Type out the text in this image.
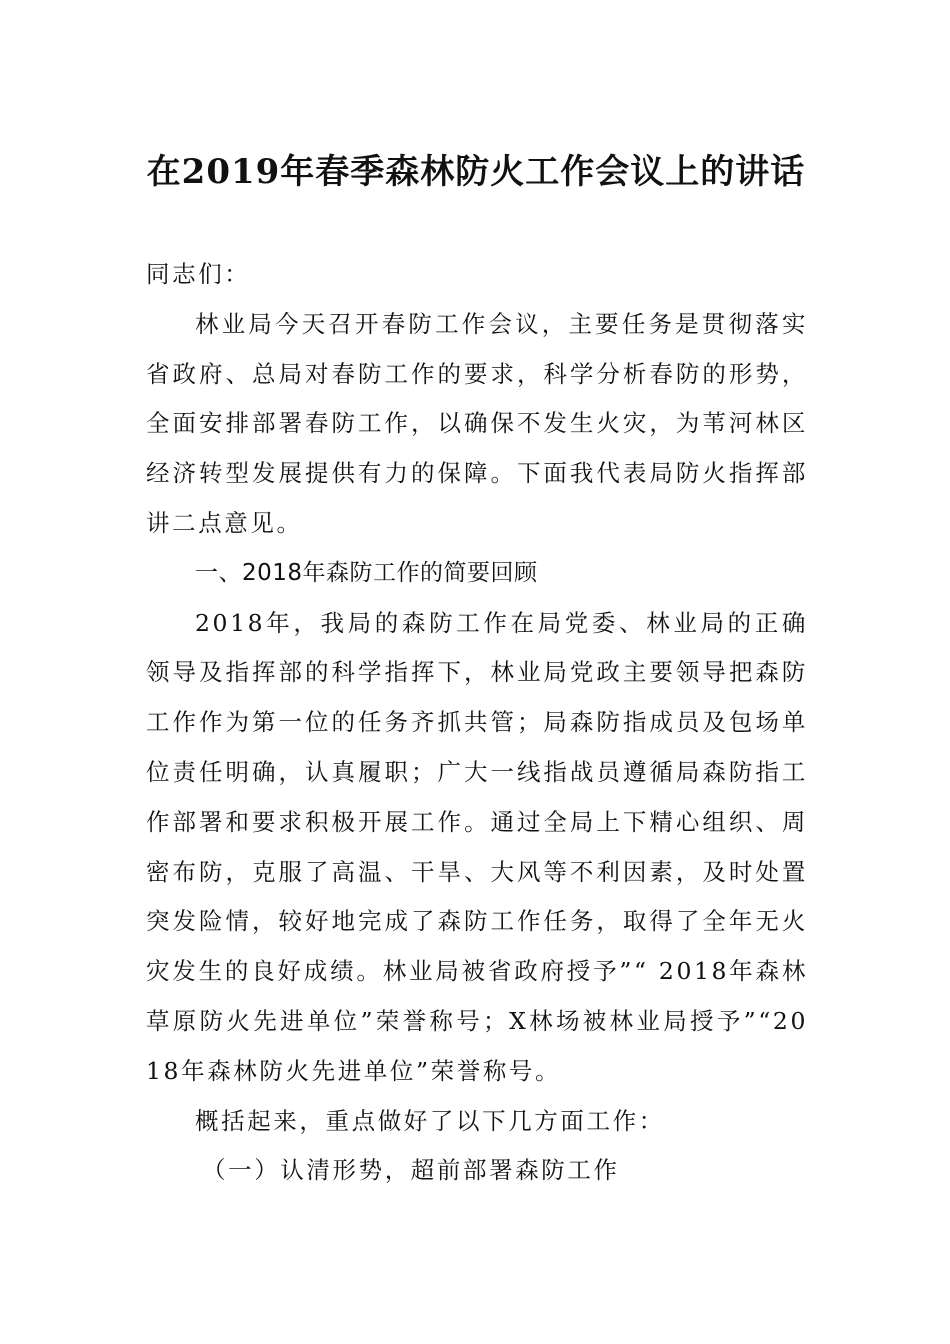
在2019年春季森林防火工作会议上的讲话

同志们：

林业局今天召开春防工作会议，主要任务是贯彻落实省政府、总局对春防工作的要求，科学分析春防的形势，全面安排部署春防工作，以确保不发生火灾，为苇河林区经济转型发展提供有力的保障。下面我代表局防火指挥部讲二点意见。

一、2018年森防工作的简要回顾

2018年，我局的森防工作在局党委、林业局的正确领导及指挥部的科学指挥下，林业局党政主要领导把森防工作作为第一位的任务齐抓共管；局森防指成员及包场单位责任明确，认真履职；广大一线指战员遵循局森防指工作部署和要求积极开展工作。通过全局上下精心组织、周密布防，克服了高温、干旱、大风等不利因素，及时处置突发险情，较好地完成了森防工作任务，取得了全年无火灾发生的良好成绩。林业局被省政府授予”“ 2018年森林草原防火先进单位”荣誉称号；X林场被林业局授予”“2018年森林防火先进单位”荣誉称号。

概括起来，重点做好了以下几方面工作：

（一）认清形势，超前部署森防工作
